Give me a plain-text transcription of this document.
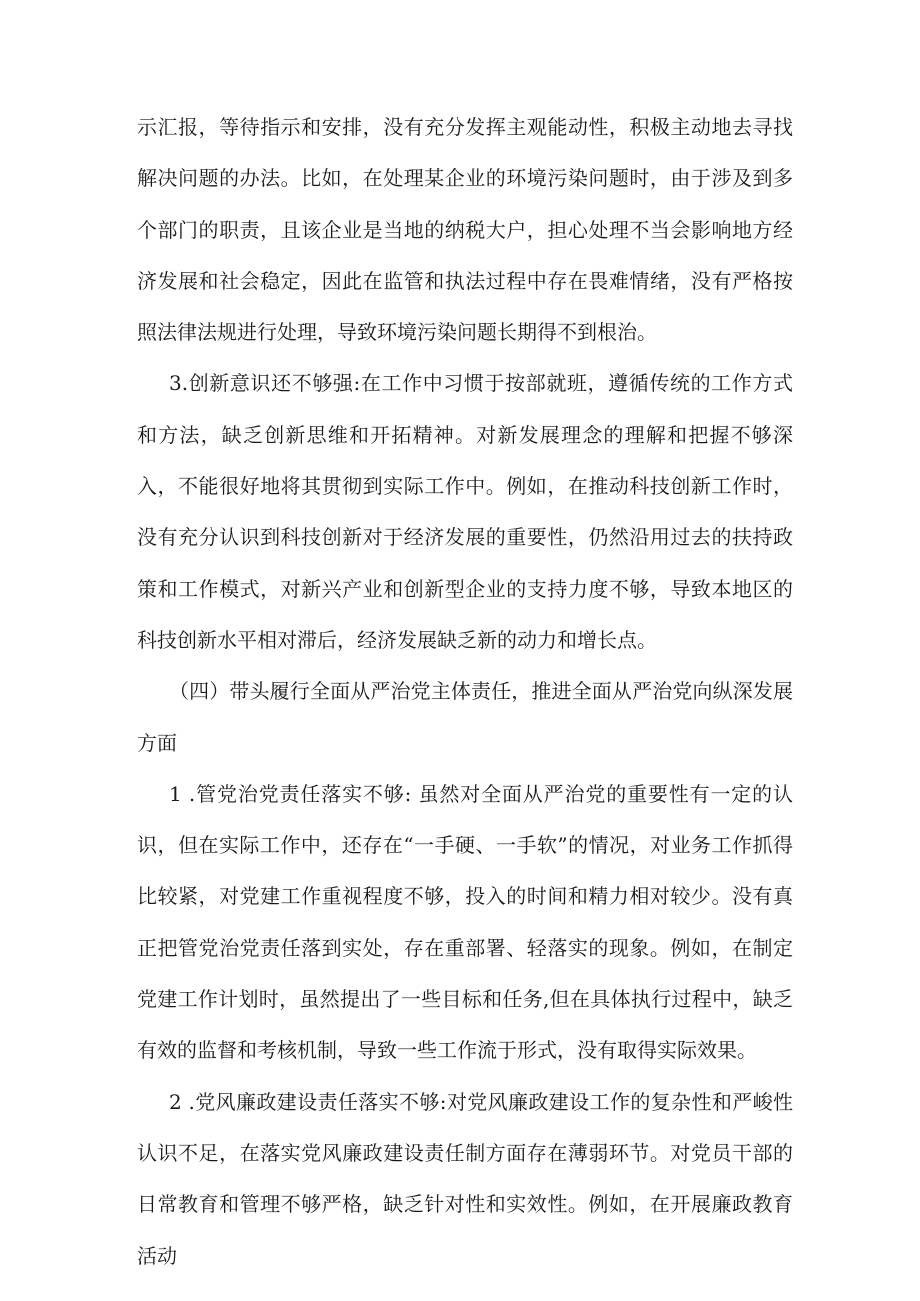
示汇报，等待指示和安排，没有充分发挥主观能动性，积极主动地去寻找解决问题的办法。比如，在处理某企业的环境污染问题时，由于涉及到多个部门的职责，且该企业是当地的纳税大户，担心处理不当会影响地方经济发展和社会稳定，因此在监管和执法过程中存在畏难情绪，没有严格按照法律法规进行处理，导致环境污染问题长期得不到根治。

3.创新意识还不够强:在工作中习惯于按部就班，遵循传统的工作方式和方法，缺乏创新思维和开拓精神。对新发展理念的理解和把握不够深入，不能很好地将其贯彻到实际工作中。例如，在推动科技创新工作时，没有充分认识到科技创新对于经济发展的重要性，仍然沿用过去的扶持政策和工作模式，对新兴产业和创新型企业的支持力度不够，导致本地区的科技创新水平相对滞后，经济发展缺乏新的动力和增长点。

（四）带头履行全面从严治党主体责任，推进全面从严治党向纵深发展方面

1 .管党治党责任落实不够: 虽然对全面从严治党的重要性有一定的认识，但在实际工作中，还存在“一手硬、一手软”的情况，对业务工作抓得比较紧，对党建工作重视程度不够，投入的时间和精力相对较少。没有真正把管党治党责任落到实处，存在重部署、轻落实的现象。例如，在制定党建工作计划时，虽然提出了一些目标和任务,但在具体执行过程中，缺乏有效的监督和考核机制，导致一些工作流于形式，没有取得实际效果。

2 .党风廉政建设责任落实不够:对党风廉政建设工作的复杂性和严峻性认识不足，在落实党风廉政建设责任制方面存在薄弱环节。对党员干部的日常教育和管理不够严格，缺乏针对性和实效性。例如，在开展廉政教育活动
